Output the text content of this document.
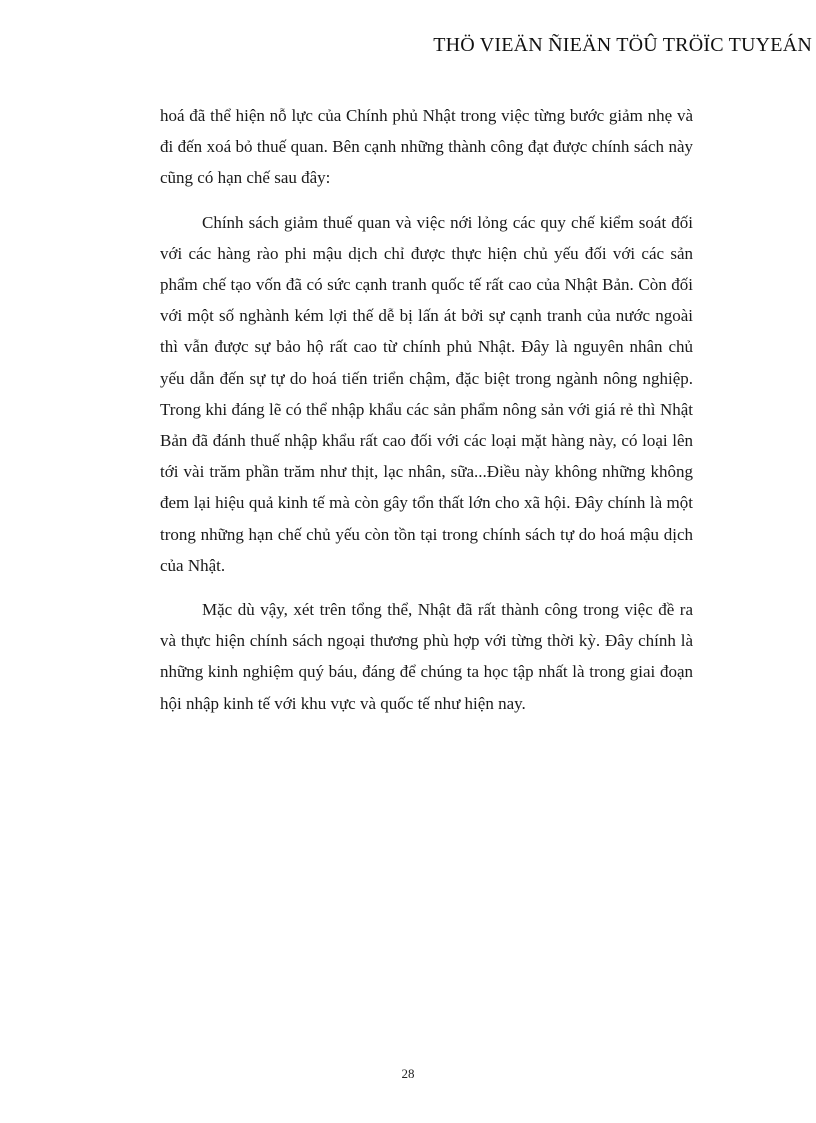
THÖ VIEÄN ÑIEÄN TÖÛ TRÖÏC TUYEÁN

hoá đã thể hiện nỗ lực của Chính phủ Nhật trong việc từng bước giảm nhẹ và đi đến xoá bỏ thuế quan. Bên cạnh những thành công đạt được chính sách này cũng có hạn chế sau đây:

Chính sách giảm thuế quan và việc nới lỏng các quy chế kiểm soát đối với các hàng rào phi mậu dịch chỉ được thực hiện chủ yếu đối với các sản phẩm chế tạo vốn đã có sức cạnh tranh quốc tế rất cao của Nhật Bản. Còn đối với một số nghành kém lợi thế dễ bị lấn át bởi sự cạnh tranh của nước ngoài thì vẫn được sự bảo hộ rất cao từ chính phủ Nhật. Đây là nguyên nhân chủ yếu dẫn đến sự tự do hoá tiến triển chậm, đặc biệt trong ngành nông nghiệp. Trong khi đáng lẽ có thể nhập khẩu các sản phẩm nông sản với giá rẻ thì Nhật Bản đã đánh thuế nhập khẩu rất cao đối với các loại mặt hàng này, có loại lên tới vài trăm phần trăm như thịt, lạc nhân, sữa...Điều này không những không đem lại hiệu quả kinh tế mà còn gây tổn thất lớn cho xã hội. Đây chính là một trong những hạn chế chủ yếu còn tồn tại trong chính sách tự do hoá mậu dịch của Nhật.

Mặc dù vậy, xét trên tổng thể, Nhật đã rất thành công trong việc đề ra và thực hiện chính sách ngoại thương phù hợp với từng thời kỳ. Đây chính là những kinh nghiệm quý báu, đáng để chúng ta học tập nhất là trong giai đoạn hội nhập kinh tế với khu vực và quốc tế như hiện nay.

28
